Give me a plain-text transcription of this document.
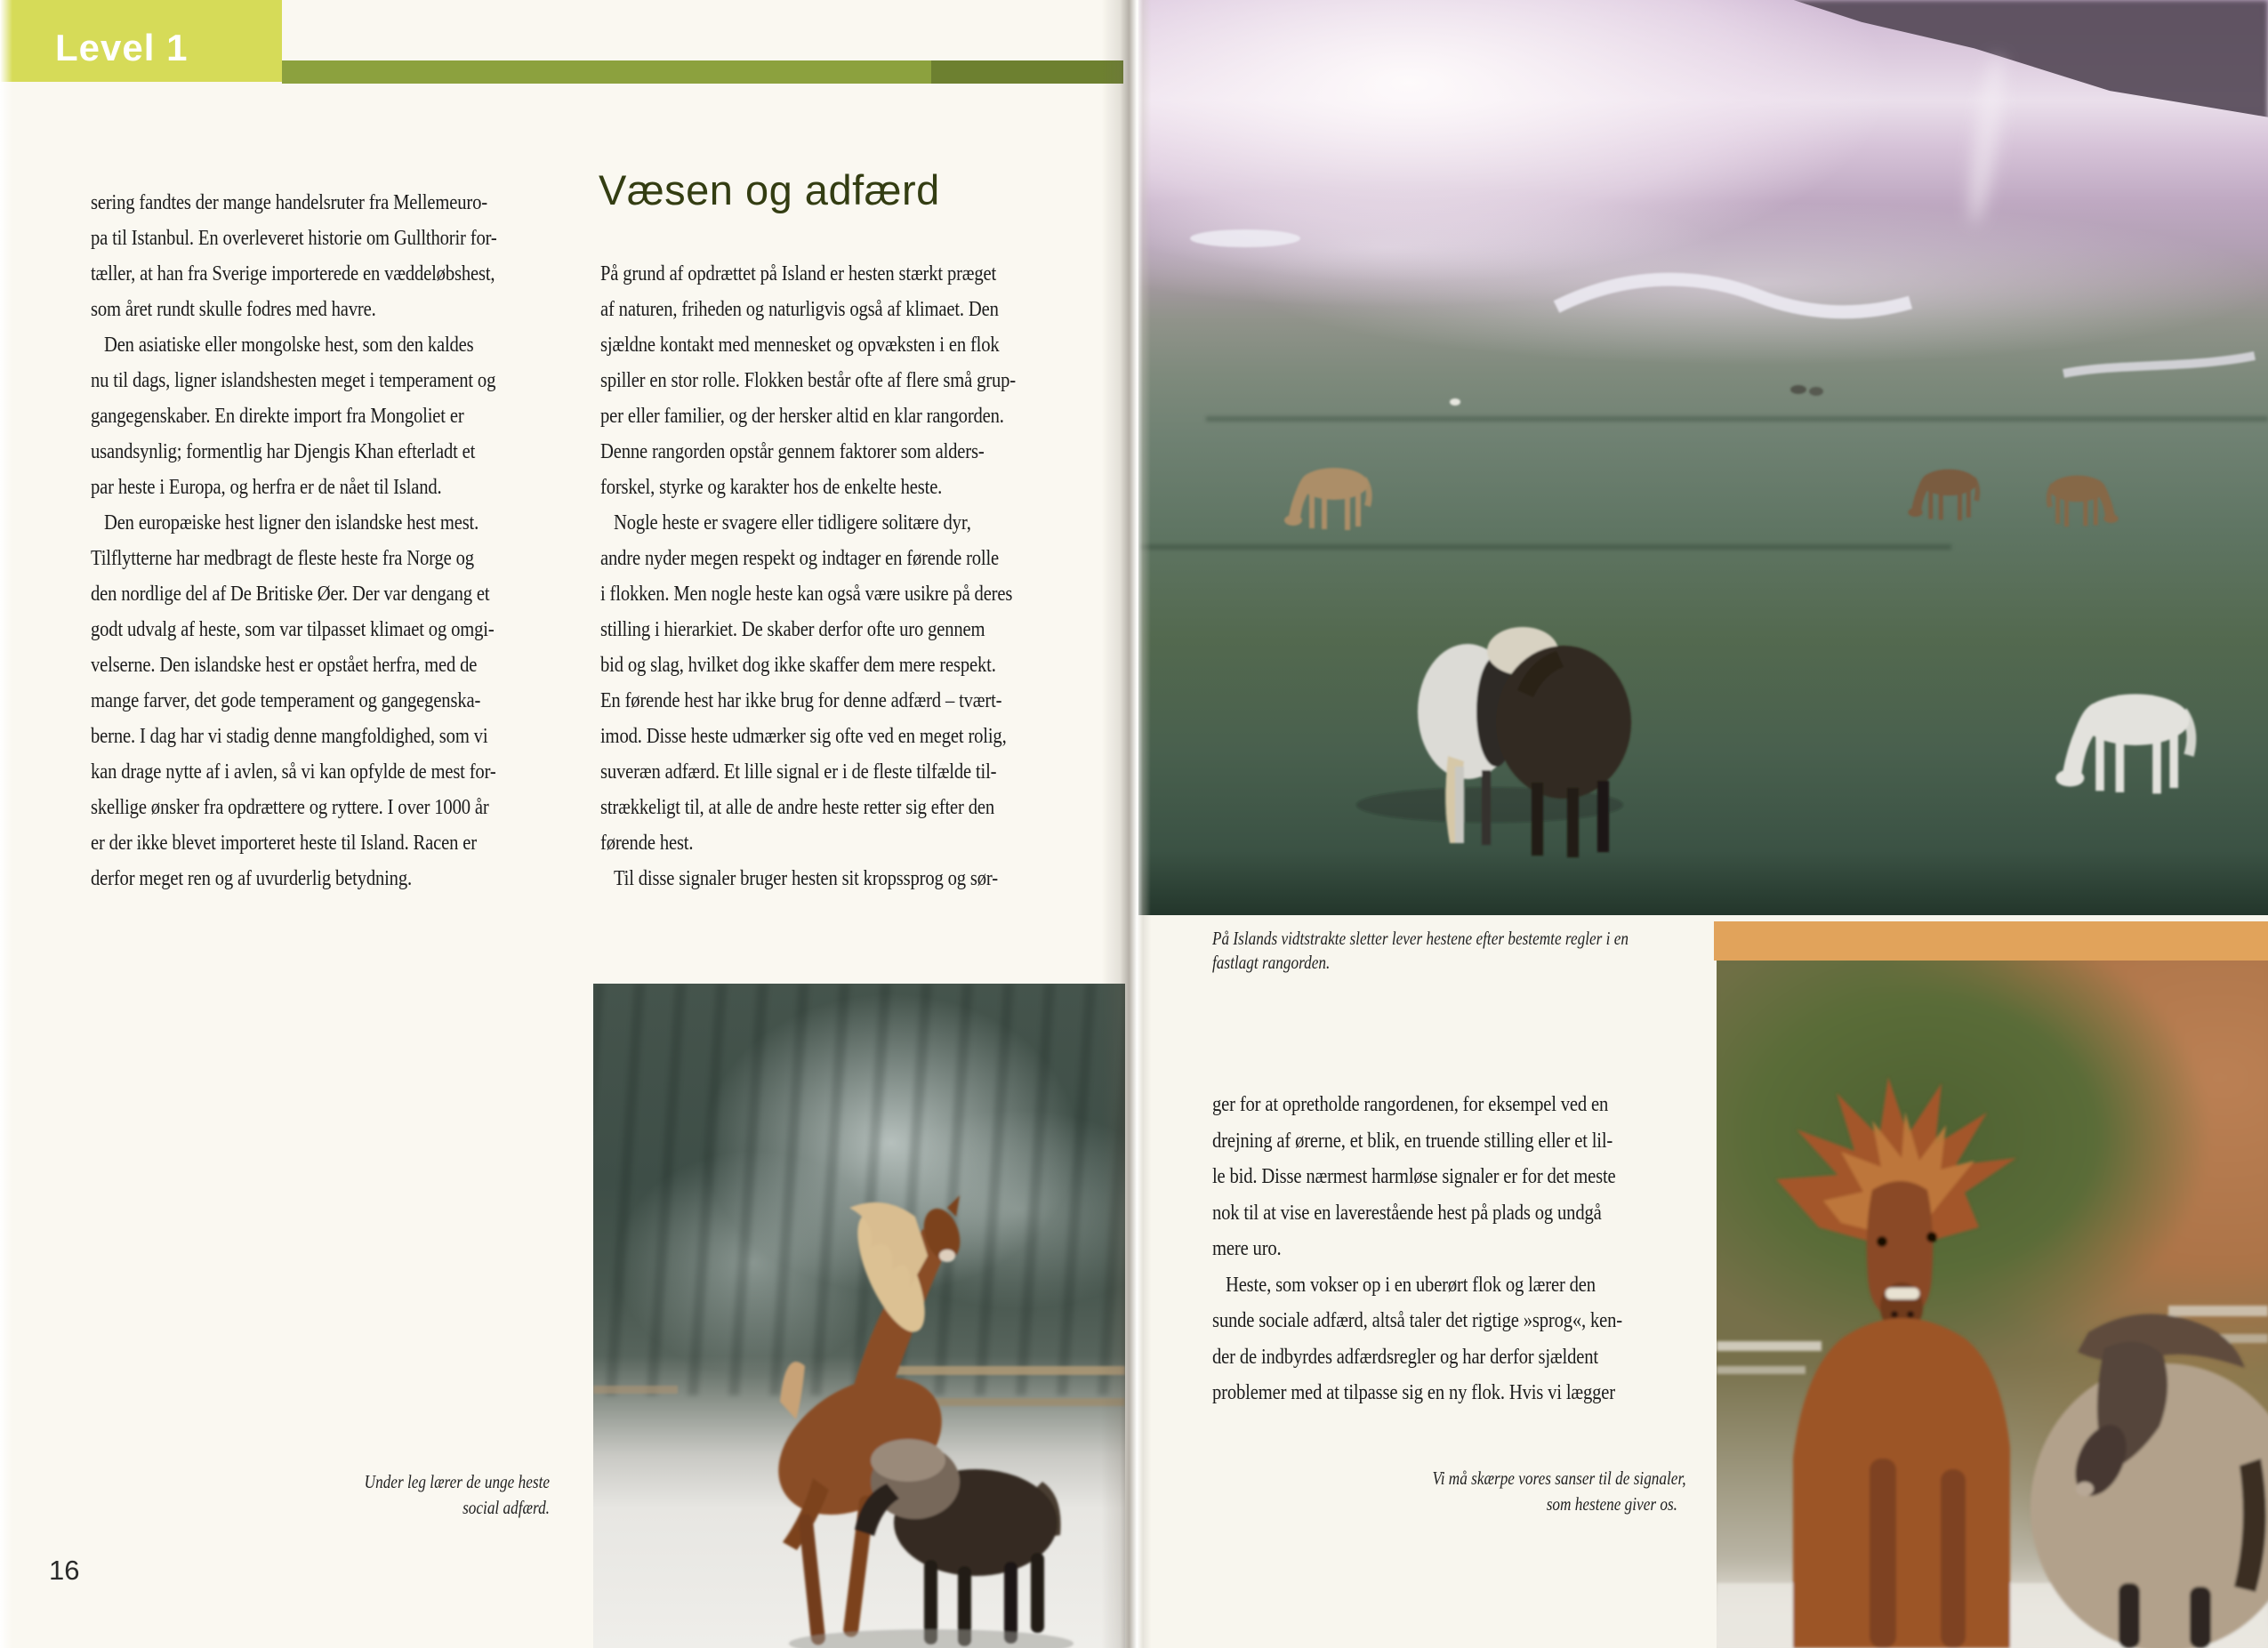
Level 1
sering fandtes der mange handelsruter fra Mellemeuro-
pa til Istanbul. En overleveret historie om Gullthorir for-
tæller, at han fra Sverige importerede en væddeløbshest,
som året rundt skulle fodres med havre.
Den asiatiske eller mongolske hest, som den kaldes
nu til dags, ligner islandshesten meget i temperament og
gangegenskaber. En direkte import fra Mongoliet er
usandsynlig; formentlig har Djengis Khan efterladt et
par heste i Europa, og herfra er de nået til Island.
Den europæiske hest ligner den islandske hest mest.
Tilflytterne har medbragt de fleste heste fra Norge og
den nordlige del af De Britiske Øer. Der var dengang et
godt udvalg af heste, som var tilpasset klimaet og omgi-
velserne. Den islandske hest er opstået herfra, med de
mange farver, det gode temperament og gangegenska-
berne. I dag har vi stadig denne mangfoldighed, som vi
kan drage nytte af i avlen, så vi kan opfylde de mest for-
skellige ønsker fra opdrættere og ryttere. I over 1000 år
er der ikke blevet importeret heste til Island. Racen er
derfor meget ren og af uvurderlig betydning.
Væsen og adfærd
På grund af opdrættet på Island er hesten stærkt præget
af naturen, friheden og naturligvis også af klimaet. Den
sjældne kontakt med mennesket og opvæksten i en flok
spiller en stor rolle. Flokken består ofte af flere små grup-
per eller familier, og der hersker altid en klar rangorden.
Denne rangorden opstår gennem faktorer som alders-
forskel, styrke og karakter hos de enkelte heste.
Nogle heste er svagere eller tidligere solitære dyr,
andre nyder megen respekt og indtager en førende rolle
i flokken. Men nogle heste kan også være usikre på deres
stilling i hierarkiet. De skaber derfor ofte uro gennem
bid og slag, hvilket dog ikke skaffer dem mere respekt.
En førende hest har ikke brug for denne adfærd – tvært-
imod. Disse heste udmærker sig ofte ved en meget rolig,
suveræn adfærd. Et lille signal er i de fleste tilfælde til-
strækkeligt til, at alle de andre heste retter sig efter den
førende hest.
Til disse signaler bruger hesten sit kropssprog og sør-
Under leg lærer de unge heste
social adfærd.
16
På Islands vidtstrakte sletter lever hestene efter bestemte regler i en
fastlagt rangorden.
ger for at opretholde rangordenen, for eksempel ved en
drejning af ørerne, et blik, en truende stilling eller et lil-
le bid. Disse nærmest harmløse signaler er for det meste
nok til at vise en laverestående hest på plads og undgå
mere uro.
Heste, som vokser op i en uberørt flok og lærer den
sunde sociale adfærd, altså taler det rigtige »sprog«, ken-
der de indbyrdes adfærdsregler og har derfor sjældent
problemer med at tilpasse sig en ny flok. Hvis vi lægger
Vi må skærpe vores sanser til de signaler,
som hestene giver os.
